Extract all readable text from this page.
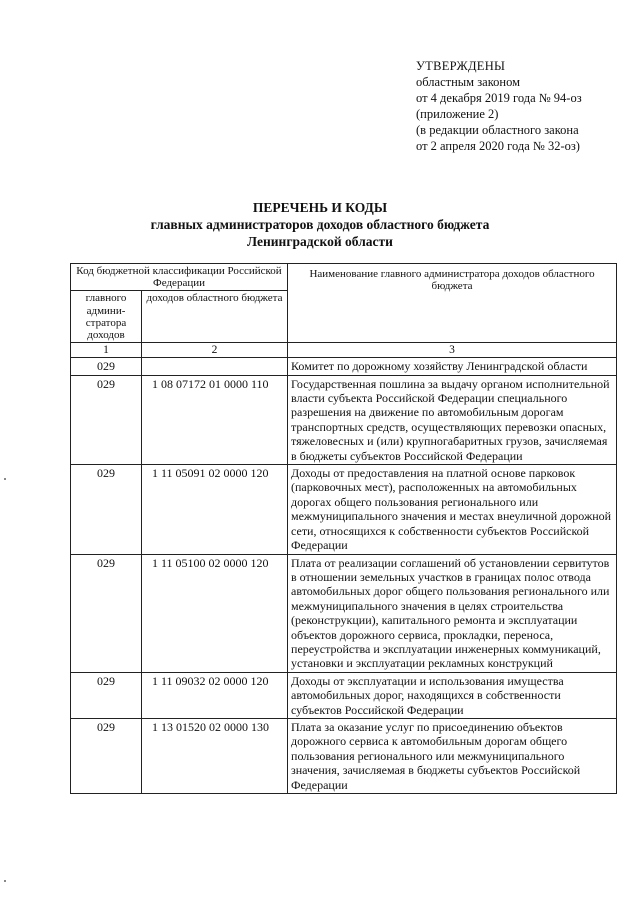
УТВЕРЖДЕНЫ
областным законом
от 4 декабря 2019 года № 94-оз
(приложение 2)
(в редакции областного закона
от 2 апреля 2020 года № 32-оз)
ПЕРЕЧЕНЬ И КОДЫ
главных администраторов доходов областного бюджета
Ленинградской области
Код бюджетной классификации Российской Федерации		Наименование главного администратора доходов областного бюджета
главного админи-стратора доходов	доходов областного бюджета	
1	2	3
029		Комитет по дорожному хозяйству Ленинградской области
029	1 08 07172 01 0000 110	Государственная пошлина за выдачу органом исполнительной власти субъекта Российской Федерации специального разрешения на движение по автомобильным дорогам транспортных средств, осуществляющих перевозки опасных, тяжеловесных и (или) крупногабаритных грузов, зачисляемая в бюджеты субъектов Российской Федерации
029	1 11 05091 02 0000 120	Доходы от предоставления на платной основе парковок (парковочных мест), расположенных на автомобильных дорогах общего пользования регионального или межмуниципального значения и местах внеуличной дорожной сети, относящихся к собственности субъектов Российской Федерации
029	1 11 05100 02 0000 120	Плата от реализации соглашений об установлении сервитутов в отношении земельных участков в границах полос отвода автомобильных дорог общего пользования регионального или межмуниципального значения в целях строительства (реконструкции), капитального ремонта и эксплуатации объектов дорожного сервиса, прокладки, переноса, переустройства и эксплуатации инженерных коммуникаций, установки и эксплуатации рекламных конструкций
029	1 11 09032 02 0000 120	Доходы от эксплуатации и использования имущества автомобильных дорог, находящихся в собственности субъектов Российской Федерации
029	1 13 01520 02 0000 130	Плата за оказание услуг по присоединению объектов дорожного сервиса к автомобильным дорогам общего пользования регионального или межмуниципального значения, зачисляемая в бюджеты субъектов Российской Федерации
